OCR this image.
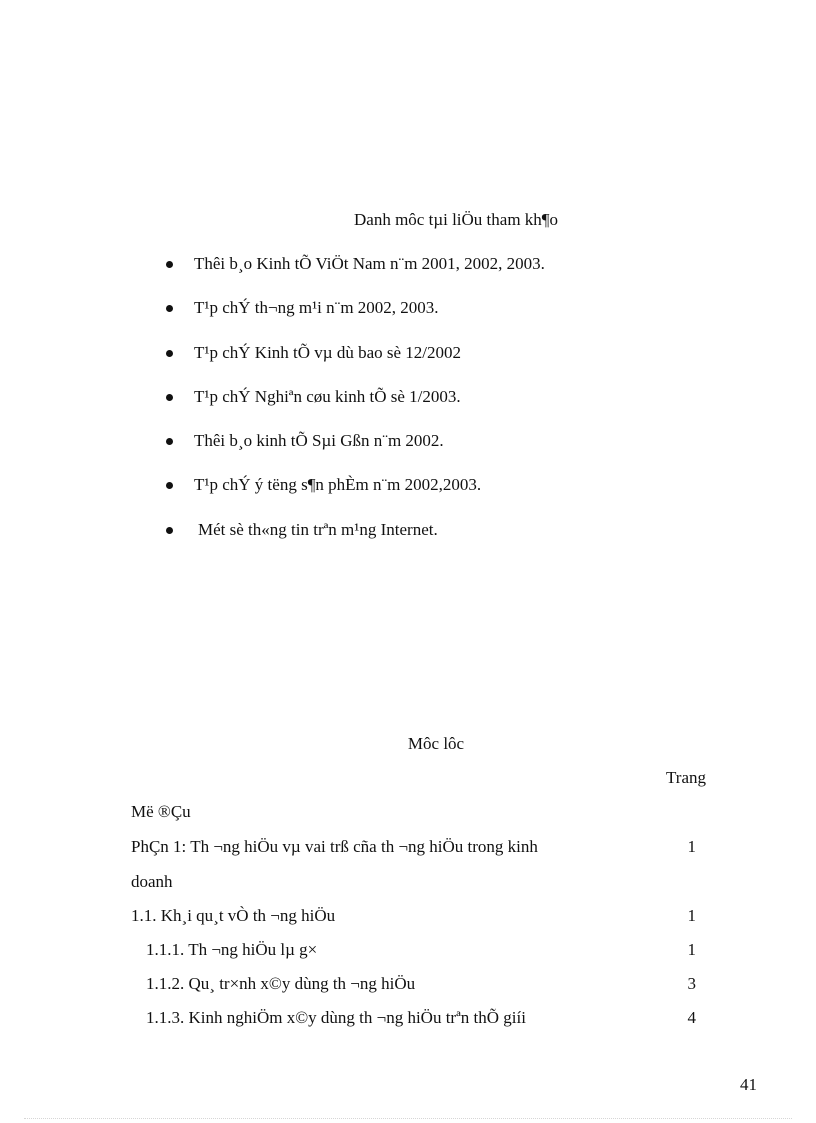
Danh môc tµi liÖu tham kh¶o
Thêi b¸o Kinh tÕ ViÖt Nam n¨m 2001, 2002, 2003.
T¹p chÝ th¬ng m¹i n¨m 2002, 2003.
T¹p chÝ Kinh tÕ vµ dù bao sè 12/2002
T¹p chÝ Nghiªn cøu kinh tÕ sè 1/2003.
Thêi b¸o kinh tÕ Sµi Gßn n¨m 2002.
T¹p chÝ ý tëng s¶n phÈm n¨m 2002,2003.
Mét sè th«ng tin trªn m¹ng Internet.
Môc lôc
Trang
Më ®Çu
PhÇn 1: Th ¬ng hiÖu vµ vai trß cña th ¬ng hiÖu trong kinh	1
doanh
1.1. Kh¸i qu¸t vÒ th ¬ng hiÖu	1
1.1.1. Th ¬ng hiÖu lµ g×	1
1.1.2. Qu¸ tr×nh x©y dùng th ¬ng hiÖu	3
1.1.3. Kinh nghiÖm x©y dùng th ¬ng hiÖu trªn thÕ giíi	4
41
